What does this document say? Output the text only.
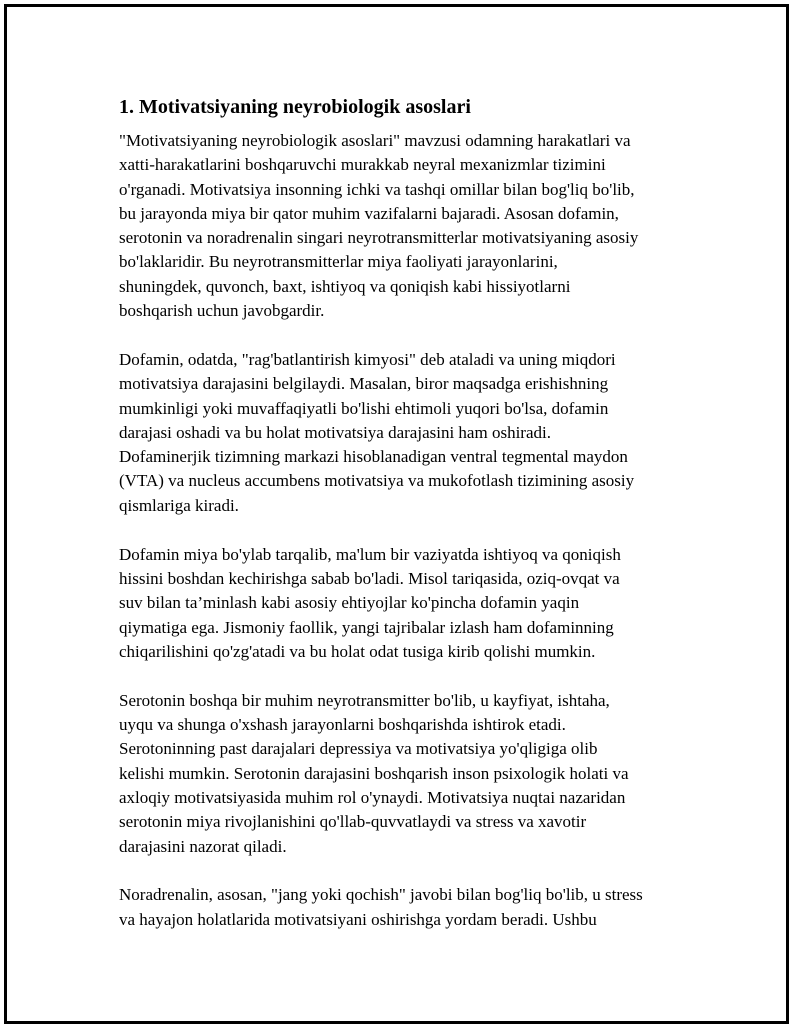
1. Motivatsiyaning neyrobiologik asoslari

"Motivatsiyaning neyrobiologik asoslari" mavzusi odamning harakatlari va
xatti-harakatlarini boshqaruvchi murakkab neyral mexanizmlar tizimini
o'rganadi. Motivatsiya insonning ichki va tashqi omillar bilan bog'liq bo'lib,
bu jarayonda miya bir qator muhim vazifalarni bajaradi. Asosan dofamin,
serotonin va noradrenalin singari neyrotransmitterlar motivatsiyaning asosiy
bo'laklaridir. Bu neyrotransmitterlar miya faoliyati jarayonlarini,
shuningdek, quvonch, baxt, ishtiyoq va qoniqish kabi hissiyotlarni
boshqarish uchun javobgardir.

Dofamin, odatda, "rag'batlantirish kimyosi" deb ataladi va uning miqdori
motivatsiya darajasini belgilaydi. Masalan, biror maqsadga erishishning
mumkinligi yoki muvaffaqiyatli bo'lishi ehtimoli yuqori bo'lsa, dofamin
darajasi oshadi va bu holat motivatsiya darajasini ham oshiradi.
Dofaminerjik tizimning markazi hisoblanadigan ventral tegmental maydon
(VTA) va nucleus accumbens motivatsiya va mukofotlash tizimining asosiy
qismlariga kiradi.

Dofamin miya bo'ylab tarqalib, ma'lum bir vaziyatda ishtiyoq va qoniqish
hissini boshdan kechirishga sabab bo'ladi. Misol tariqasida, oziq-ovqat va
suv bilan ta’minlash kabi asosiy ehtiyojlar ko'pincha dofamin yaqin
qiymatiga ega. Jismoniy faollik, yangi tajribalar izlash ham dofaminning
chiqarilishini qo'zg'atadi va bu holat odat tusiga kirib qolishi mumkin.

Serotonin boshqa bir muhim neyrotransmitter bo'lib, u kayfiyat, ishtaha,
uyqu va shunga o'xshash jarayonlarni boshqarishda ishtirok etadi.
Serotoninning past darajalari depressiya va motivatsiya yo'qligiga olib
kelishi mumkin. Serotonin darajasini boshqarish inson psixologik holati va
axloqiy motivatsiyasida muhim rol o'ynaydi. Motivatsiya nuqtai nazaridan
serotonin miya rivojlanishini qo'llab-quvvatlaydi va stress va xavotir
darajasini nazorat qiladi.

Noradrenalin, asosan, "jang yoki qochish" javobi bilan bog'liq bo'lib, u stress
va hayajon holatlarida motivatsiyani oshirishga yordam beradi. Ushbu
